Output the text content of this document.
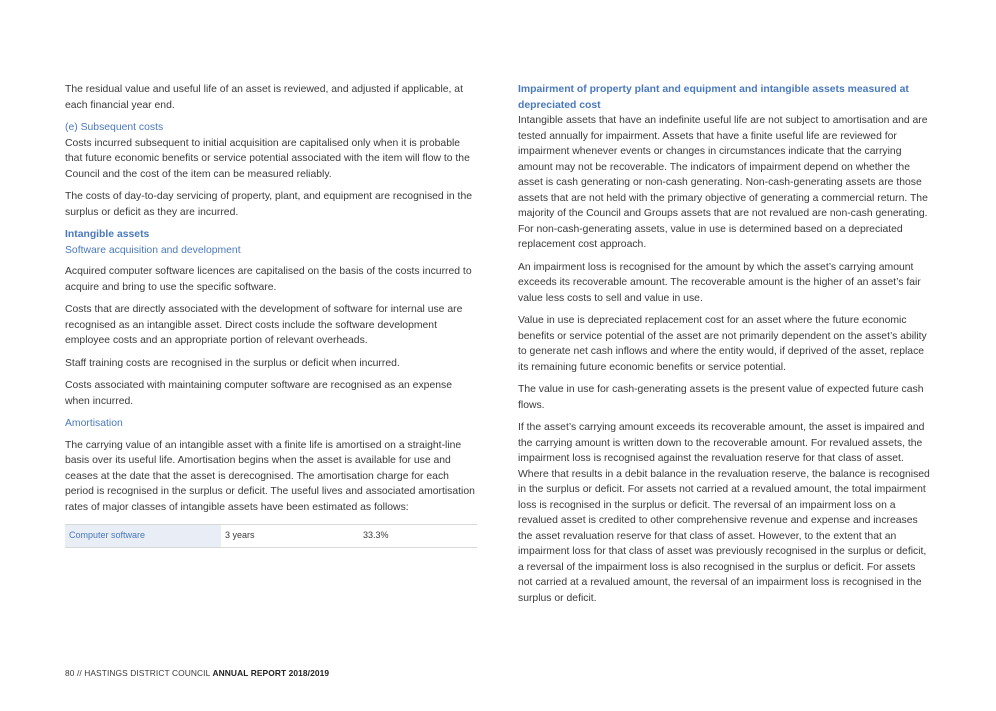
The residual value and useful life of an asset is reviewed, and adjusted if applicable, at each financial year end.

(e) Subsequent costs

Costs incurred subsequent to initial acquisition are capitalised only when it is probable that future economic benefits or service potential associated with the item will flow to the Council and the cost of the item can be measured reliably.

The costs of day-to-day servicing of property, plant, and equipment are recognised in the surplus or deficit as they are incurred.

Intangible assets
Software acquisition and development

Acquired computer software licences are capitalised on the basis of the costs incurred to acquire and bring to use the specific software.

Costs that are directly associated with the development of software for internal use are recognised as an intangible asset. Direct costs include the software development employee costs and an appropriate portion of relevant overheads.

Staff training costs are recognised in the surplus or deficit when incurred.

Costs associated with maintaining computer software are recognised as an expense when incurred.

Amortisation

The carrying value of an intangible asset with a finite life is amortised on a straight-line basis over its useful life. Amortisation begins when the asset is available for use and ceases at the date that the asset is derecognised. The amortisation charge for each period is recognised in the surplus or deficit. The useful lives and associated amortisation rates of major classes of intangible assets have been estimated as follows:

Computer software	3 years	33.3%
Impairment of property plant and equipment and intangible assets measured at depreciated cost

Intangible assets that have an indefinite useful life are not subject to amortisation and are tested annually for impairment. Assets that have a finite useful life are reviewed for impairment whenever events or changes in circumstances indicate that the carrying amount may not be recoverable. The indicators of impairment depend on whether the asset is cash generating or non-cash generating. Non-cash-generating assets are those assets that are not held with the primary objective of generating a commercial return. The majority of the Council and Groups assets that are not revalued are non-cash generating. For non-cash-generating assets, value in use is determined based on a depreciated replacement cost approach.

An impairment loss is recognised for the amount by which the asset’s carrying amount exceeds its recoverable amount. The recoverable amount is the higher of an asset’s fair value less costs to sell and value in use.

Value in use is depreciated replacement cost for an asset where the future economic benefits or service potential of the asset are not primarily dependent on the asset’s ability to generate net cash inflows and where the entity would, if deprived of the asset, replace its remaining future economic benefits or service potential.

The value in use for cash-generating assets is the present value of expected future cash flows.

If the asset’s carrying amount exceeds its recoverable amount, the asset is impaired and the carrying amount is written down to the recoverable amount. For revalued assets, the impairment loss is recognised against the revaluation reserve for that class of asset. Where that results in a debit balance in the revaluation reserve, the balance is recognised in the surplus or deficit. For assets not carried at a revalued amount, the total impairment loss is recognised in the surplus or deficit. The reversal of an impairment loss on a revalued asset is credited to other comprehensive revenue and expense and increases the asset revaluation reserve for that class of asset. However, to the extent that an impairment loss for that class of asset was previously recognised in the surplus or deficit, a reversal of the impairment loss is also recognised in the surplus or deficit. For assets not carried at a revalued amount, the reversal of an impairment loss is recognised in the surplus or deficit.

80 // HASTINGS DISTRICT COUNCIL ANNUAL REPORT 2018/2019
